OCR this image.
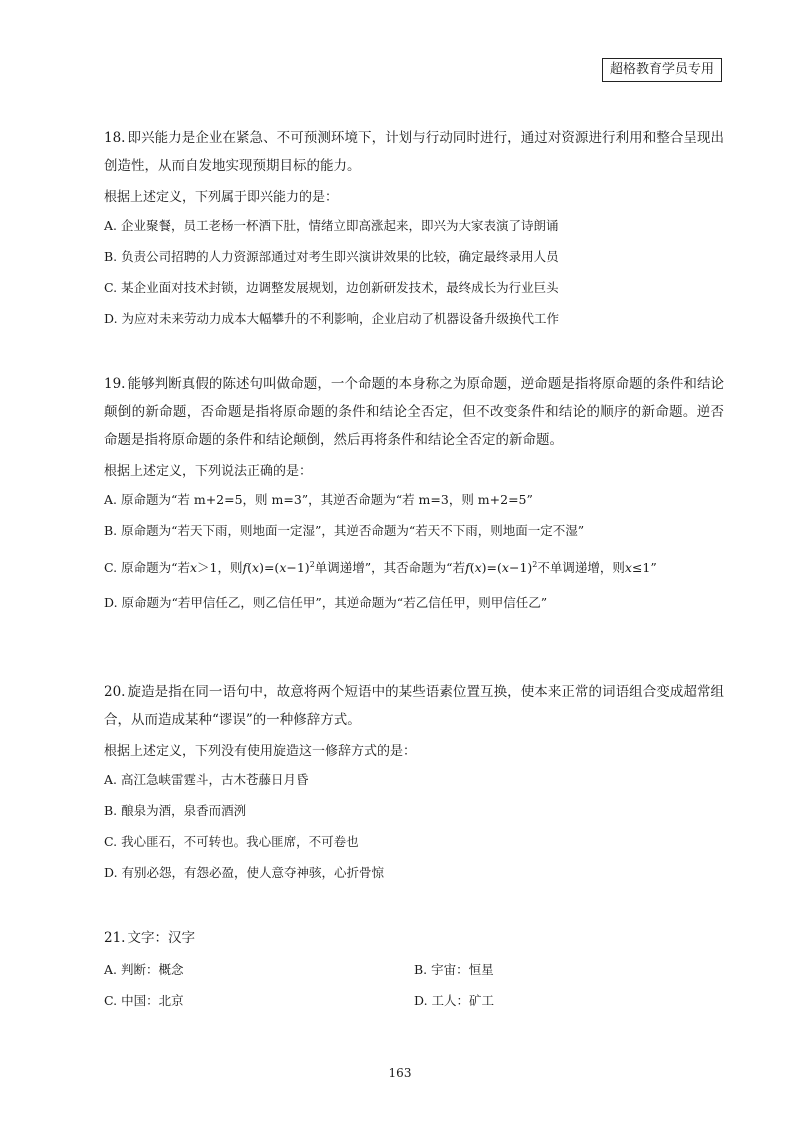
超格教育学员专用

18. 即兴能力是企业在紧急、不可预测环境下，计划与行动同时进行，通过对资源进行利用和整合呈现出创造性，从而自发地实现预期目标的能力。

根据上述定义，下列属于即兴能力的是：

A. 企业聚餐，员工老杨一杯酒下肚，情绪立即高涨起来，即兴为大家表演了诗朗诵

B. 负责公司招聘的人力资源部通过对考生即兴演讲效果的比较，确定最终录用人员

C. 某企业面对技术封锁，边调整发展规划，边创新研发技术，最终成长为行业巨头

D. 为应对未来劳动力成本大幅攀升的不利影响，企业启动了机器设备升级换代工作

19. 能够判断真假的陈述句叫做命题，一个命题的本身称之为原命题，逆命题是指将原命题的条件和结论颠倒的新命题，否命题是指将原命题的条件和结论全否定，但不改变条件和结论的顺序的新命题。逆否命题是指将原命题的条件和结论颠倒，然后再将条件和结论全否定的新命题。

根据上述定义，下列说法正确的是：

A. 原命题为“若 m+2=5，则 m=3”，其逆否命题为“若 m=3，则 m+2=5”

B. 原命题为“若天下雨，则地面一定湿”，其逆否命题为“若天不下雨，则地面一定不湿”

C. 原命题为“若x＞1，则$f(x)=(x-1)^2$单调递增”，其否命题为“若$f(x)=(x-1)^2$不单调递增，则x≤1”

D. 原命题为“若甲信任乙，则乙信任甲”，其逆命题为“若乙信任甲，则甲信任乙”

20. 旋造是指在同一语句中，故意将两个短语中的某些语素位置互换，使本来正常的词语组合变成超常组合，从而造成某种“谬误”的一种修辞方式。

根据上述定义，下列没有使用旋造这一修辞方式的是：

A. 高江急峡雷霆斗，古木苍藤日月昏

B. 酿泉为酒，泉香而酒洌

C. 我心匪石，不可转也。我心匪席，不可卷也

D. 有别必怨，有怨必盈，使人意夺神骇，心折骨惊

21. 文字：汉字

A. 判断：概念	B. 宇宙：恒星

C. 中国：北京	D. 工人：矿工

163
